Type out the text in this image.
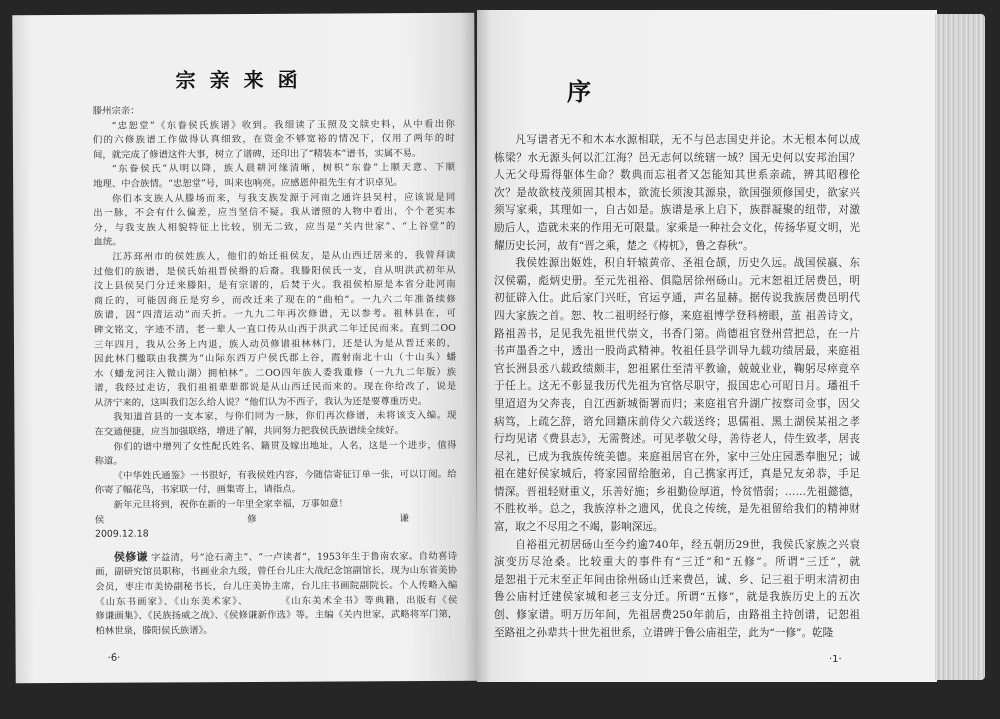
宗亲来函
滕州宗亲：
“忠恕堂”《东眷侯氏族谱》收到。我细读了玉照及文牍史料，从中看出你
们的六修族谱工作做得认真细致，在资金不够宽裕的情况下，仅用了两年的时
间，就完成了修谱这件大事，树立了谱碑，还印出了“精装本”谱书，实属不易。
“东眷侯氏”从明以降，族人晨耕河缘清晰，树枳“东眷”上顺天意、下顺
地理、中合族情。“忠恕堂”号，叫来也响亮。应感恩仲祖先生有才识卓见。
你们本支族人从滕场而来，与我支族发源于河南之通许县吴村，应该说是同
出一脉，不会有什么偏差，应当坚信不疑。我从谱照的人物中看出，个个老实本
分，与我支族人相貌特征上比较，别无二致，应当是“关内世家”、“上谷堂”的
血统。
江苏邳州市的侯姓族人，他们的始迁祖侯友，是从山西迁居来的，我曾拜读
过他们的族谱，是侯氏始祖晋侯缗的后裔。我滕阳侯氏一支，自从明洪武初年从
汶上县侯吴门分迁来滕阳，是有宗谱的，后焚于火。我祖侯柏原是本省分赴河南
商丘的，可能因商丘是穷乡，而改迁来了现在的“曲柏”。一九六二年准备续修
族谱，因“四清运动”而夭折。一九九二年再次修谱，无以参考。祖林县在，可
碑文铭文，字迹不清，老一辈人一直口传从山西于洪武二年迁民而来。直到二OO
三年四月，我从公务上内退，族人动员修谱祖林林门，还是认为是从晋迁来的，
因此林门楹联由我撰为“山际东西万户侯氏郡上谷，霞射南北十山（十山头）蟠
水（蟠龙河注入微山湖）拥柏林”。二OO四年族人委我重修（一九九二年版）族
谱，我经过走访，我们祖祖辈辈都说是从山西迁民而来的。现在你给改了，说是
从济宁来的，这叫我们怎么给人说？“他们认为不西子，我认为还是要尊重历史。
我知道首县的一支本家，与你们同为一脉，你们再次修谱，未将该支入编。现
在交通便捷，应当加强联络，增进了解，共同努力把我侯氏族谱续全续好。
你们的谱中增列了女性配氏姓名、籍贯及嫁出地址，人名，这是一个进步，值得
称道。
《中华姓氏通鉴》一书很好，有我侯姓内容，今随信寄征订单一张，可以订阅。给
你寄了幅花鸟，书家联一付，画集寄上，请指点。
新年元旦将到，祝你在新的一年里全家幸福，万事如意！
侯修谦
2009.12.18
侯修谦 字益清，号“沧石斋主”、“一卢读者”，1953年生于鲁南农家。自幼喜诗
画，副研究馆员职称，书画业余九级，曾任台儿庄大战纪念馆副馆长，现为山东省美协
会员，枣庄市美协副秘书长，台儿庄美协主席，台儿庄书画院副院长。个人传略入编
《山东书画家》、《山东美术家》、　　　　《山东美术全书》等典籍，出版有《侯
修谦画集》、《民族扬威之战》、《侯修谦新作选》等。主编《关内世家，武略将军门第，
柏林世泉，滕阳侯氏族谱》。
·6·
序
凡写谱者无不和木本水源相联，无不与邑志国史并论。木无根本何以成
栋梁？水无源头何以汇江海？邑无志何以统辖一域？国无史何以安邦治国？
人无父母焉得躯体生命？数典而忘祖者又怎能知其世系亲疏，辨其昭穆伦
次？是故欲枝茂须固其根本，欲流长须浚其源泉，欲国强须修国史，欲家兴
须写家乘，其理如一，自古如是。族谱是承上启下，族群凝聚的纽带，对激
励后人，造就未来的作用无可限量。家乘是一种社会文化，传扬华夏文明，光
耀历史长河，故有“晋之乘，楚之《梼杌》，鲁之春秋”。
我侯姓源出姬姓，积自轩辕黄帝、圣祖仓颉，历史久远。战国侯嬴、东
汉侯霸，彪炳史册。至元先祖裕、俱隐居徐州砀山。元末恕祖迁居费邑，明
初征辟入仕。此后家门兴旺，官运亨通，声名显赫。据传说我族居费邑明代
四大家族之首。恕、牧二祖明经行修，来庭祖博学登科榜眼，茧 祖善诗文，
路祖善书，足见我先祖世代崇文，书香门第。尚德祖官登州营把总，在一片
书声墨香之中，透出一股尚武精神。牧祖任县学训导九载功绩居最，来庭祖
官长洲县丞八载政绩颇丰，恕祖累仕至清平教谕，兢兢业业，鞠躬尽瘁竟卒
于任上。这无不彰显我历代先祖为官恪尽职守，报国忠心可昭日月。璠祖千
里迢迢为父奔丧，自江西新城衙署而归；来庭祖官升湖广按察司佥事，因父
病笃，上疏乞辞，谘允回籍床前侍父六载送终；思儒祖、黑土湖侯某祖之孝
行均见诸《费县志》，无需赘述。可见孝敬父母，善待老人，侍生致孝，居丧
尽礼，已成为我族传统美德。来庭祖居官在外，家中三处庄园悉奉胞兄；诚
祖在建好侯家城后，将家园留给胞弟，自己携家再迁，真是兄友弟恭，手足
情深。晋祖轻财重义，乐善好施；乡祖勤俭厚道，怜贫惜弱；……先祖懿德，
不胜枚举。总之，我族淳朴之遗风，优良之传统，是先祖留给我们的精神财
富，取之不尽用之不竭，影响深远。
自裕祖元初居砀山至今约逾740年，经五朝历29世，我侯氏家族之兴衰
演变历尽沧桑。比较重大的事件有“三迁”和“五修”。所谓“三迁”，就
是恕祖于元末至正年间由徐州砀山迁来费邑，诚、乡、记三祖于明末清初由
鲁公庙村迁建侯家城和老三支分迁。所谓“五修”，就是我族历史上的五次
创、修家谱。明万历年间，先祖居费250年前后，由路祖主持创谱，记恕祖
至路祖之孙辈共十世先祖世系，立谱碑于鲁公庙祖茔，此为“一修”。乾隆
·1·
